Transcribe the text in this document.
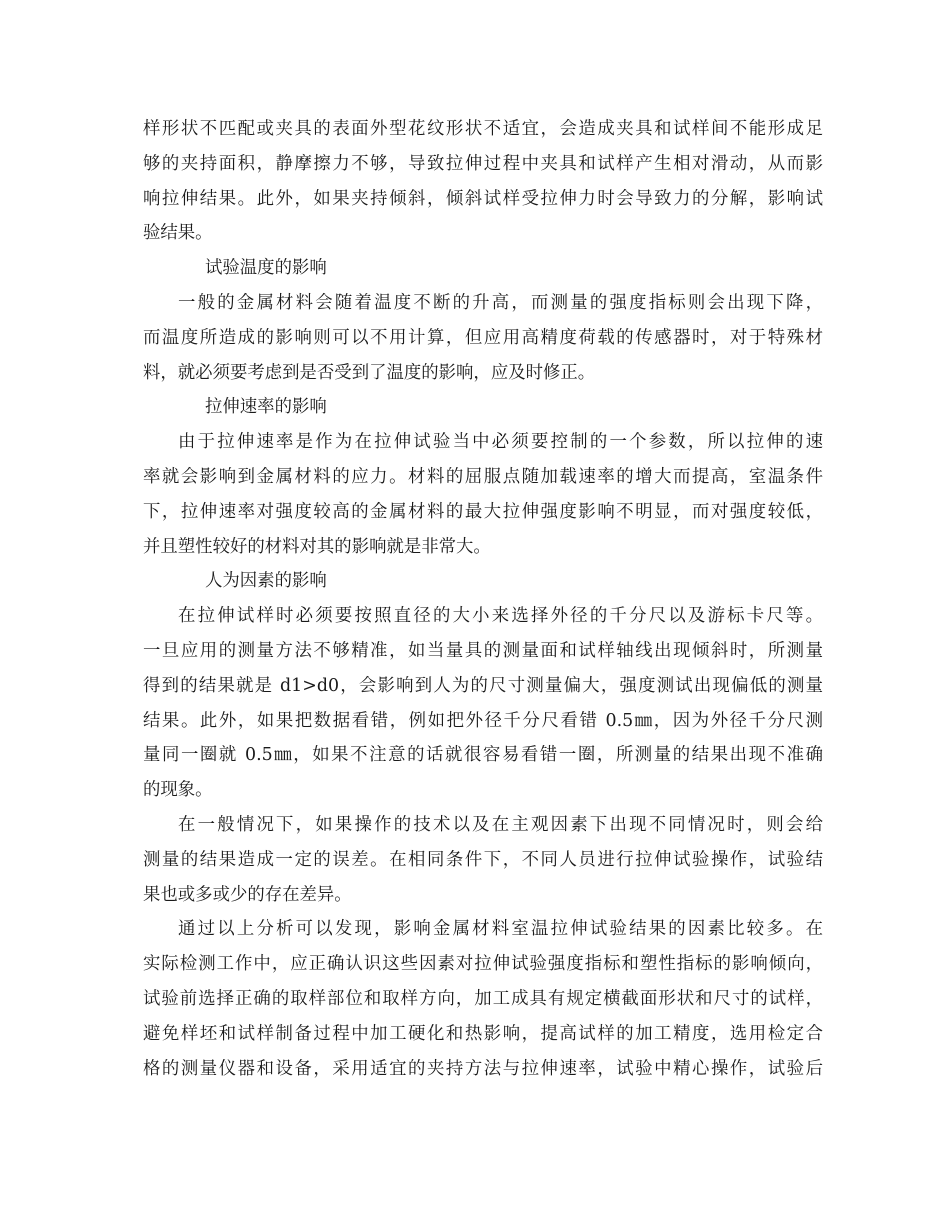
样形状不匹配或夹具的表面外型花纹形状不适宜，会造成夹具和试样间不能形成足
够的夹持面积，静摩擦力不够，导致拉伸过程中夹具和试样产生相对滑动，从而影
响拉伸结果。此外，如果夹持倾斜，倾斜试样受拉伸力时会导致力的分解，影响试
验结果。
试验温度的影响
一般的金属材料会随着温度不断的升高，而测量的强度指标则会出现下降，
而温度所造成的影响则可以不用计算，但应用高精度荷载的传感器时，对于特殊材
料，就必须要考虑到是否受到了温度的影响，应及时修正。
拉伸速率的影响
由于拉伸速率是作为在拉伸试验当中必须要控制的一个参数，所以拉伸的速
率就会影响到金属材料的应力。材料的屈服点随加载速率的增大而提高，室温条件
下，拉伸速率对强度较高的金属材料的最大拉伸强度影响不明显，而对强度较低，
并且塑性较好的材料对其的影响就是非常大。
人为因素的影响
在拉伸试样时必须要按照直径的大小来选择外径的千分尺以及游标卡尺等。
一旦应用的测量方法不够精准，如当量具的测量面和试样轴线出现倾斜时，所测量
得到的结果就是 d1>d0，会影响到人为的尺寸测量偏大，强度测试出现偏低的测量
结果。此外，如果把数据看错，例如把外径千分尺看错 0.5㎜，因为外径千分尺测
量同一圈就 0.5㎜，如果不注意的话就很容易看错一圈，所测量的结果出现不准确
的现象。
在一般情况下，如果操作的技术以及在主观因素下出现不同情况时，则会给
测量的结果造成一定的误差。在相同条件下，不同人员进行拉伸试验操作，试验结
果也或多或少的存在差异。
通过以上分析可以发现，影响金属材料室温拉伸试验结果的因素比较多。在
实际检测工作中，应正确认识这些因素对拉伸试验强度指标和塑性指标的影响倾向，
试验前选择正确的取样部位和取样方向，加工成具有规定横截面形状和尺寸的试样，
避免样坯和试样制备过程中加工硬化和热影响，提高试样的加工精度，选用检定合
格的测量仪器和设备，采用适宜的夹持方法与拉伸速率，试验中精心操作，试验后
